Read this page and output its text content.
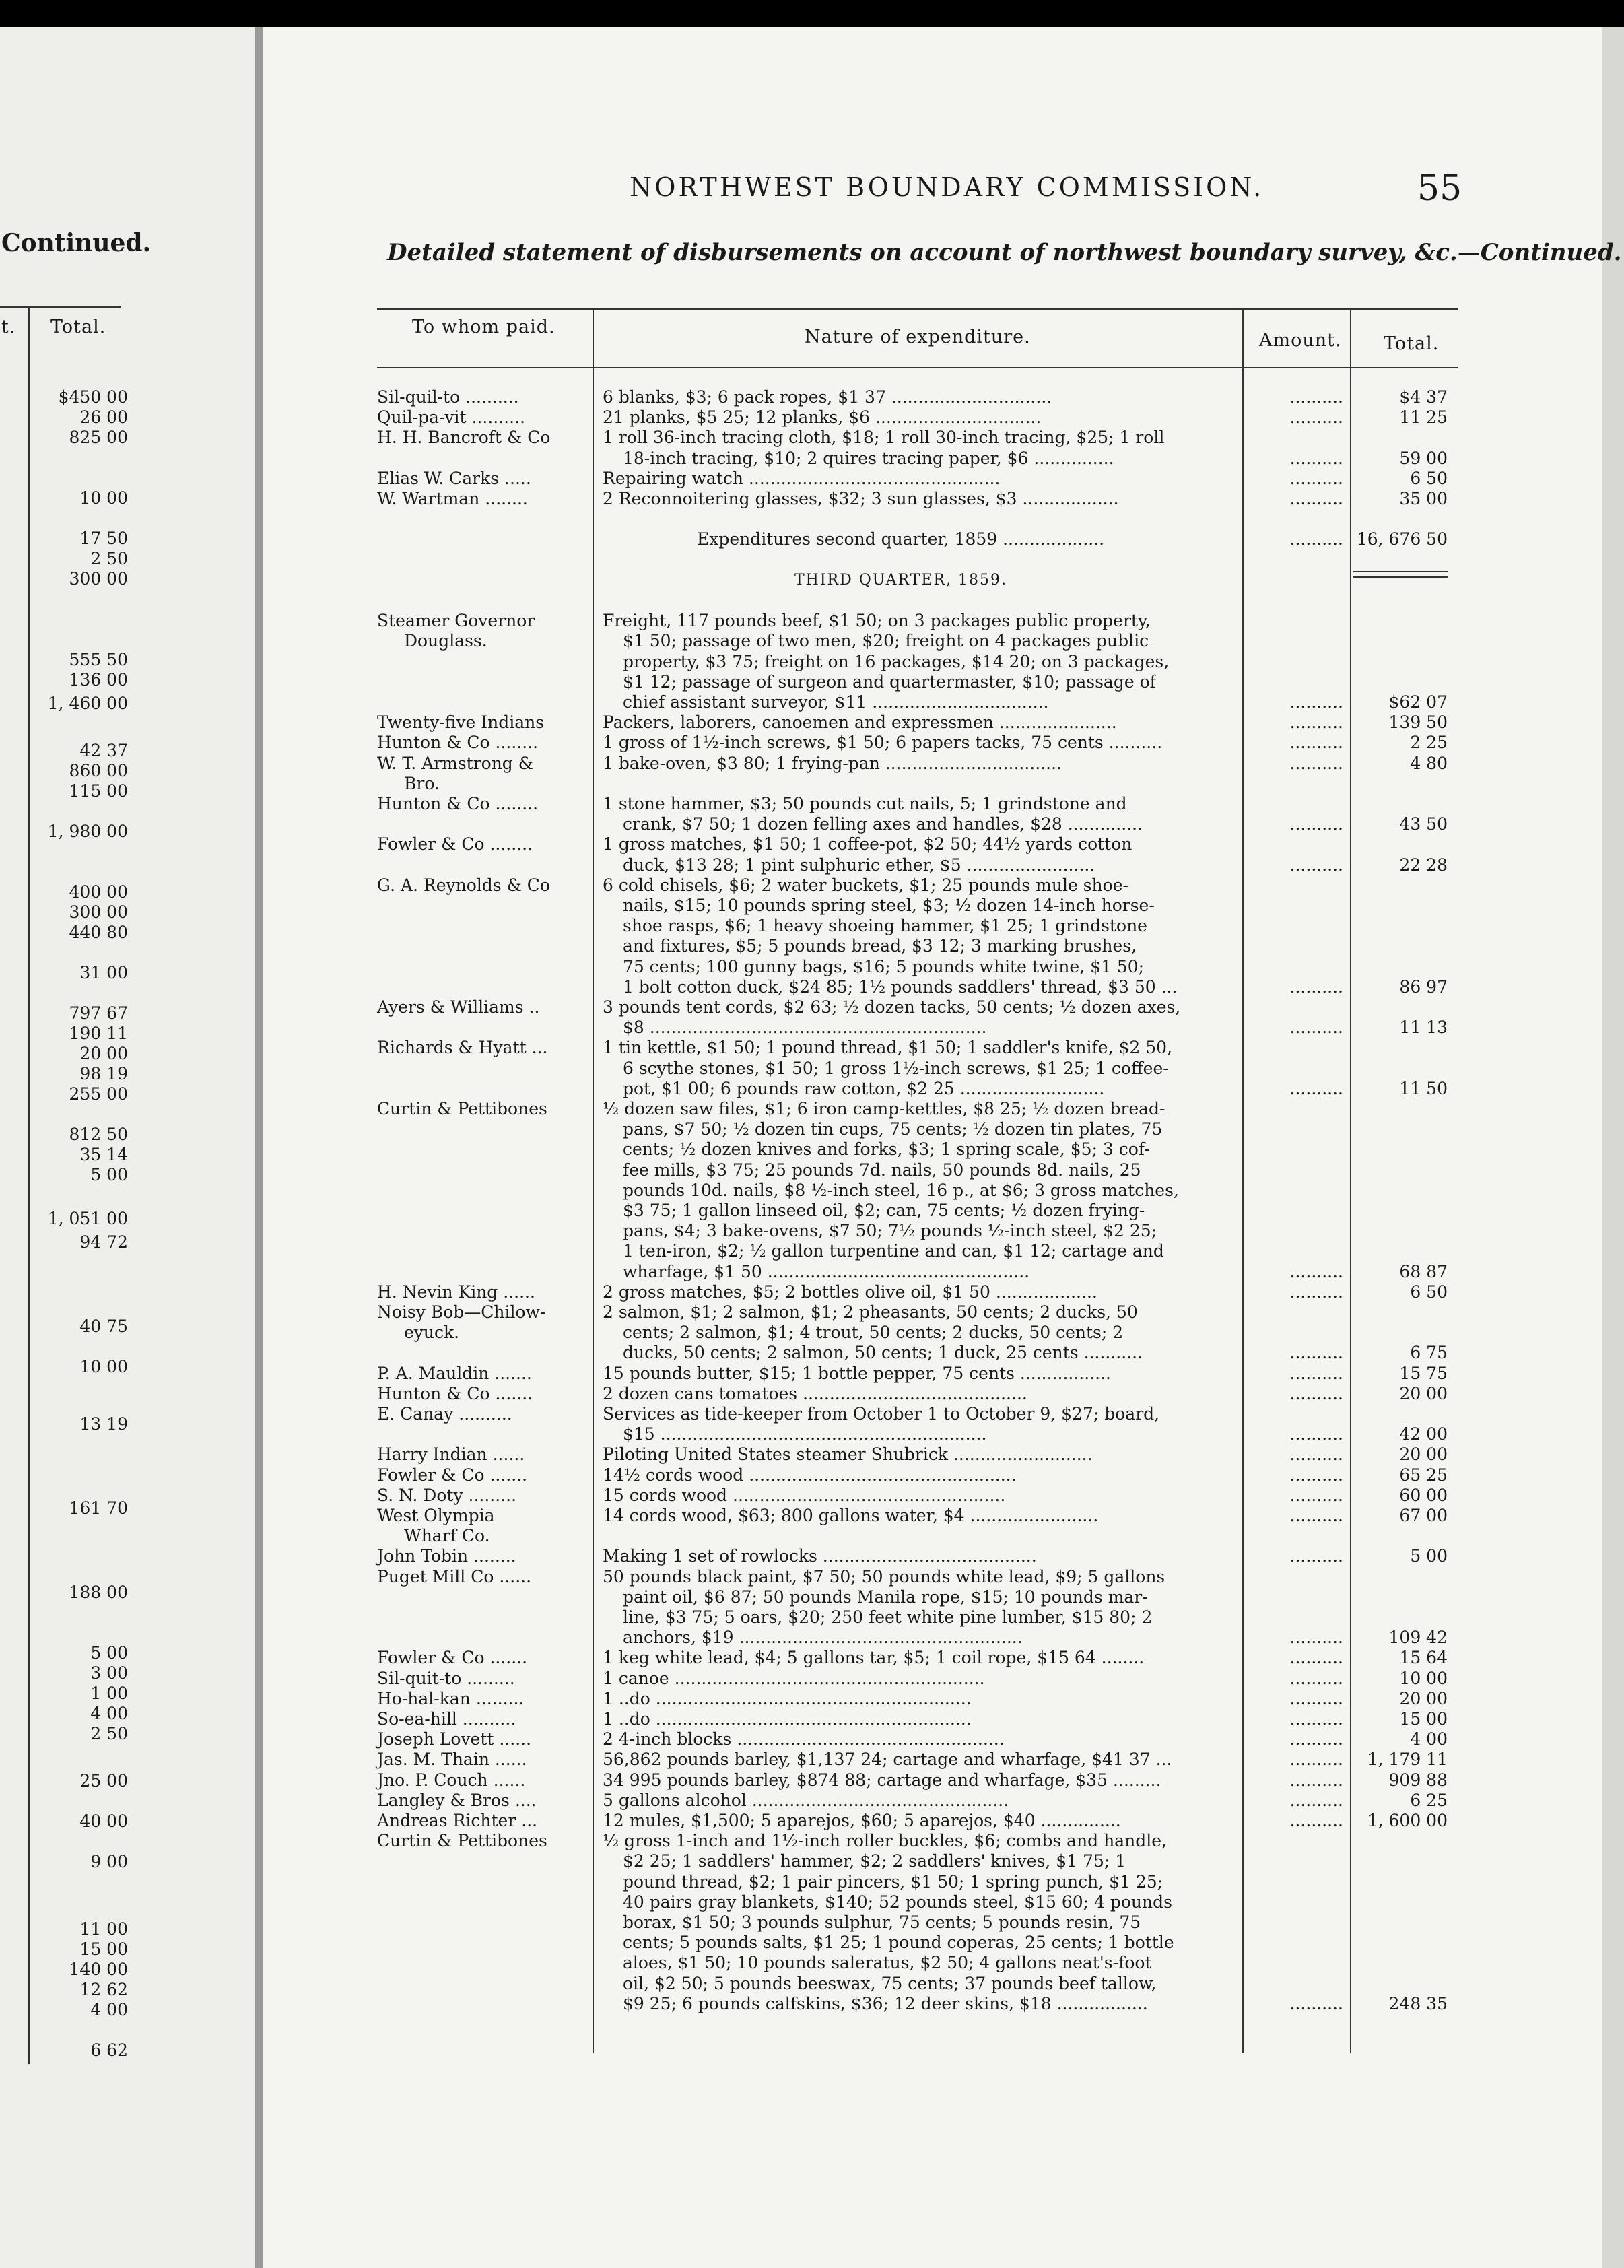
Continued.
t. Total.
$450 00
26 00
825 00
10 00
17 50
2 50
300 00
555 50
136 00
1, 460 00
42 37
860 00
115 00
1, 980 00
400 00
300 00
440 80
31 00
797 67
190 11
20 00
98 19
255 00
812 50
35 14
5 00
1, 051 00
94 72
40 75
10 00
13 19
161 70
188 00
5 00
3 00
1 00
4 00
2 50
25 00
40 00
9 00
11 00
15 00
140 00
12 62
4 00
6 62
NORTHWEST BOUNDARY COMMISSION.	55
Detailed statement of disbursements on account of northwest boundary survey, &c.—Continued.
To whom paid.	Nature of expenditure.	Amount. Total.
Sil-quil-to ..........	6 blanks, $3; 6 pack ropes, $1 37 ..............................	..........	$4 37
Quil-pa-vit ..........	21 planks, $5 25; 12 planks, $6 ...............................	..........	11 25
H. H. Bancroft & Co	1 roll 36-inch tracing cloth, $18; 1 roll 30-inch tracing, $25; 1 roll
18-inch tracing, $10; 2 quires tracing paper, $6 ...............	..........	59 00
Elias W. Carks .....	Repairing watch ...............................................	..........	6 50
W. Wartman ........	2 Reconnoitering glasses, $32; 3 sun glasses, $3 ..................	..........	35 00
Expenditures second quarter, 1859 ...................	.......... 16, 676 50
THIRD QUARTER, 1859.
Steamer Governor	Freight, 117 pounds beef, $1 50; on 3 packages public property,
Douglass.	$1 50; passage of two men, $20; freight on 4 packages public
property, $3 75; freight on 16 packages, $14 20; on 3 packages,
$1 12; passage of surgeon and quartermaster, $10; passage of
chief assistant surveyor, $11 .................................	..........	$62 07
Twenty-five Indians	Packers, laborers, canoemen and expressmen ......................	..........	139 50
Hunton & Co ........	1 gross of 1½-inch screws, $1 50; 6 papers tacks, 75 cents ..........	..........	2 25
W. T. Armstrong &	1 bake-oven, $3 80; 1 frying-pan .................................	..........	4 80
Bro.
Hunton & Co ........	1 stone hammer, $3; 50 pounds cut nails, 5; 1 grindstone and
crank, $7 50; 1 dozen felling axes and handles, $28 ..............	..........	43 50
Fowler & Co ........	1 gross matches, $1 50; 1 coffee-pot, $2 50; 44½ yards cotton
duck, $13 28; 1 pint sulphuric ether, $5 ........................	..........	22 28
G. A. Reynolds & Co	6 cold chisels, $6; 2 water buckets, $1; 25 pounds mule shoe-
nails, $15; 10 pounds spring steel, $3; ½ dozen 14-inch horse-
shoe rasps, $6; 1 heavy shoeing hammer, $1 25; 1 grindstone
and fixtures, $5; 5 pounds bread, $3 12; 3 marking brushes,
75 cents; 100 gunny bags, $16; 5 pounds white twine, $1 50;
1 bolt cotton duck, $24 85; 1½ pounds saddlers' thread, $3 50 ...	..........	86 97
Ayers & Williams ..	3 pounds tent cords, $2 63; ½ dozen tacks, 50 cents; ½ dozen axes,
$8 ...............................................................	..........	11 13
Richards & Hyatt ...	1 tin kettle, $1 50; 1 pound thread, $1 50; 1 saddler's knife, $2 50,
6 scythe stones, $1 50; 1 gross 1½-inch screws, $1 25; 1 coffee-
pot, $1 00; 6 pounds raw cotton, $2 25 ...........................	..........	11 50
Curtin & Pettibones	½ dozen saw files, $1; 6 iron camp-kettles, $8 25; ½ dozen bread-
pans, $7 50; ½ dozen tin cups, 75 cents; ½ dozen tin plates, 75
cents; ½ dozen knives and forks, $3; 1 spring scale, $5; 3 cof-
fee mills, $3 75; 25 pounds 7d. nails, 50 pounds 8d. nails, 25
pounds 10d. nails, $8 ½-inch steel, 16 p., at $6; 3 gross matches,
$3 75; 1 gallon linseed oil, $2; can, 75 cents; ½ dozen frying-
pans, $4; 3 bake-ovens, $7 50; 7½ pounds ½-inch steel, $2 25;
1 ten-iron, $2; ½ gallon turpentine and can, $1 12; cartage and
wharfage, $1 50 .................................................	..........	68 87
H. Nevin King ......	2 gross matches, $5; 2 bottles olive oil, $1 50 ...................	..........	6 50
Noisy Bob—Chilow-	2 salmon, $1; 2 salmon, $1; 2 pheasants, 50 cents; 2 ducks, 50
eyuck.	cents; 2 salmon, $1; 4 trout, 50 cents; 2 ducks, 50 cents; 2
ducks, 50 cents; 2 salmon, 50 cents; 1 duck, 25 cents ...........	..........	6 75
P. A. Mauldin .......	15 pounds butter, $15; 1 bottle pepper, 75 cents .................	..........	15 75
Hunton & Co .......	2 dozen cans tomatoes ..........................................	..........	20 00
E. Canay ..........	Services as tide-keeper from October 1 to October 9, $27; board,
$15 .............................................................	..........	42 00
Harry Indian ......	Piloting United States steamer Shubrick ..........................	..........	20 00
Fowler & Co .......	14½ cords wood ..................................................	..........	65 25
S. N. Doty .........	15 cords wood ...................................................	..........	60 00
West Olympia	14 cords wood, $63; 800 gallons water, $4 ........................	..........	67 00
Wharf Co.
John Tobin ........	Making 1 set of rowlocks ........................................	..........	5 00
Puget Mill Co ......	50 pounds black paint, $7 50; 50 pounds white lead, $9; 5 gallons
paint oil, $6 87; 50 pounds Manila rope, $15; 10 pounds mar-
line, $3 75; 5 oars, $20; 250 feet white pine lumber, $15 80; 2
anchors, $19 .....................................................	..........	109 42
Fowler & Co .......	1 keg white lead, $4; 5 gallons tar, $5; 1 coil rope, $15 64 ........	..........	15 64
Sil-quit-to .........	1 canoe ..........................................................	..........	10 00
Ho-hal-kan .........	1 ..do ...........................................................	..........	20 00
So-ea-hill ..........	1 ..do ...........................................................	..........	15 00
Joseph Lovett ......	2 4-inch blocks ..................................................	..........	4 00
Jas. M. Thain ......	56,862 pounds barley, $1,137 24; cartage and wharfage, $41 37 ...	..........	1, 179 11
Jno. P. Couch ......	34 995 pounds barley, $874 88; cartage and wharfage, $35 .........	..........	909 88
Langley & Bros ....	5 gallons alcohol ................................................	..........	6 25
Andreas Richter ...	12 mules, $1,500; 5 aparejos, $60; 5 aparejos, $40 ...............	..........	1, 600 00
Curtin & Pettibones	½ gross 1-inch and 1½-inch roller buckles, $6; combs and handle,
$2 25; 1 saddlers' hammer, $2; 2 saddlers' knives, $1 75; 1
pound thread, $2; 1 pair pincers, $1 50; 1 spring punch, $1 25;
40 pairs gray blankets, $140; 52 pounds steel, $15 60; 4 pounds
borax, $1 50; 3 pounds sulphur, 75 cents; 5 pounds resin, 75
cents; 5 pounds salts, $1 25; 1 pound coperas, 25 cents; 1 bottle
aloes, $1 50; 10 pounds saleratus, $2 50; 4 gallons neat's-foot
oil, $2 50; 5 pounds beeswax, 75 cents; 37 pounds beef tallow,
$9 25; 6 pounds calfskins, $36; 12 deer skins, $18 .................	..........	248 35
